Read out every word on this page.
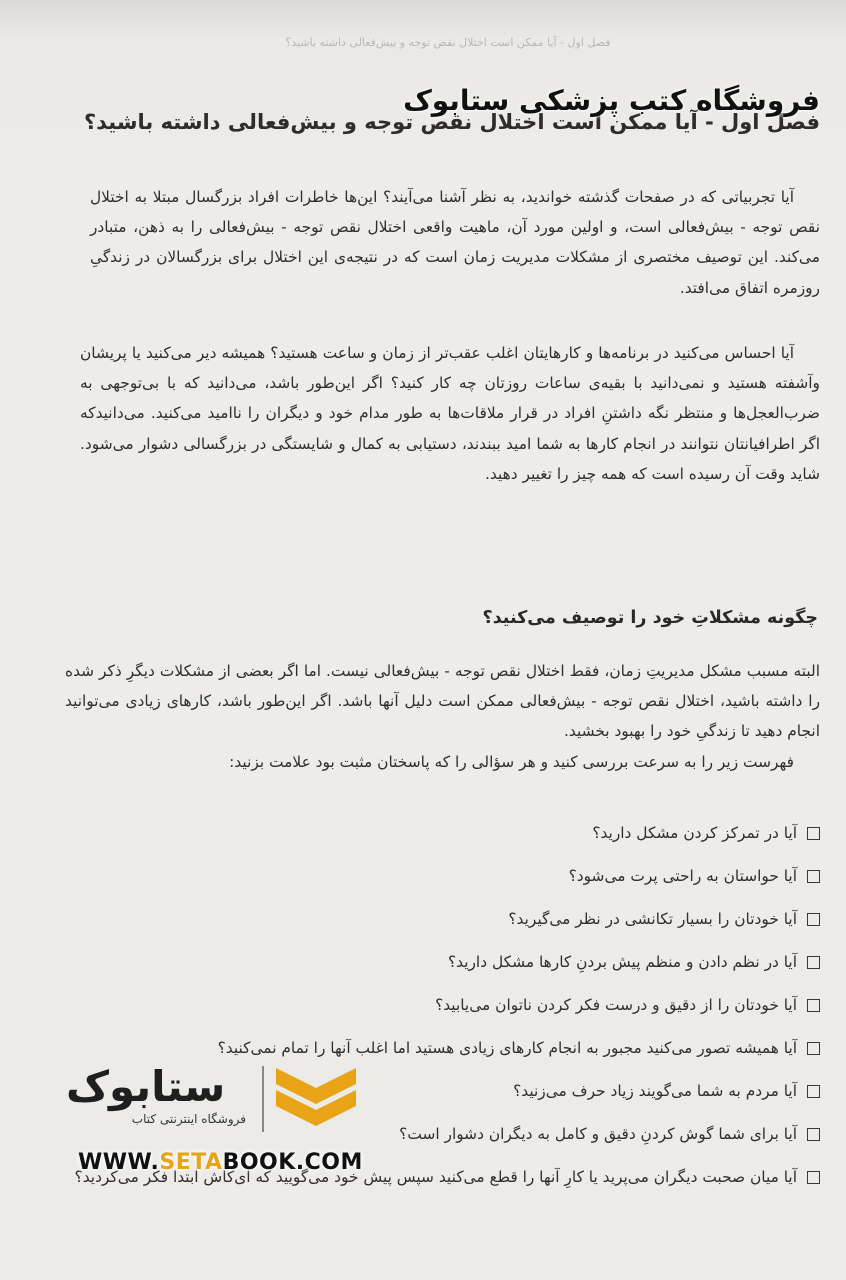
فصل اول - آیا ممکن است اختلال نقص توجه و بیش‌فعالی داشته باشید؟
فصل اول - آیا ممکن است اختلال نقص توجه و بیش‌فعالی داشته باشید؟
فروشگاه کتب پزشکی ستابوک
آیا تجربیاتی که در صفحات گذشته خواندید، به نظر آشنا می‌آیند؟ این‌ها خاطرات افراد بزرگسال مبتلا به اختلال نقص توجه - بیش‌فعالی است، و اولین مورد آن، ماهیت واقعی اختلال نقص توجه - بیش‌فعالی را به ذهن، متبادر می‌کند. این توصیف مختصری از مشکلات مدیریت زمان است که در نتیجه‌ی این اختلال برای بزرگسالان در زندگیِ روزمره اتفاق می‌افتد.
آیا احساس می‌کنید در برنامه‌ها و کارهایتان اغلب عقب‌تر از زمان و ساعت هستید؟ همیشه دیر می‌کنید یا پریشان وآشفته هستید و نمی‌دانید با بقیه‌ی ساعات روزتان چه کار کنید؟ اگر این‌طور باشد، می‌دانید که با بی‌توجهی به ضرب‌العجل‌ها و منتظر نگه داشتنِ افراد در قرار ملاقات‌ها به طور مدام خود و دیگران را ناامید می‌کنید. می‌دانیدکه اگر اطرافیانتان نتوانند در انجام کارها به شما امید ببندند، دستیابی به کمال و شایستگی در بزرگسالی دشوار می‌شود. شاید وقت آن رسیده است که همه چیز را تغییر دهید.
چگونه مشکلاتِ خود را توصیف می‌کنید؟
البته مسبب مشکل مدیریتِ زمان، فقط اختلال نقص توجه - بیش‌فعالی نیست. اما اگر بعضی از مشکلات دیگرِ ذکر شده را داشته باشید، اختلال نقص توجه - بیش‌فعالی ممکن است دلیل آنها باشد. اگر این‌طور باشد، کارهای زیادی می‌توانید انجام دهید تا زندگیِ خود را بهبود بخشید.
فهرست زیر را به سرعت بررسی کنید و هر سؤالی را که پاسختان مثبت بود علامت بزنید:
آیا در تمرکز کردن مشکل دارید؟
آیا حواستان به راحتی پرت می‌شود؟
آیا خودتان را بسیار تکانشی در نظر می‌گیرید؟
آیا در نظم دادن و منظم پیش بردنِ کارها مشکل دارید؟
آیا خودتان را از دقیق و درست فکر کردن ناتوان می‌یابید؟
آیا همیشه تصور می‌کنید مجبور به انجام کارهای زیادی هستید اما اغلب آنها را تمام نمی‌کنید؟
آیا مردم به شما می‌گویند زیاد حرف می‌زنید؟
آیا برای شما گوش کردنِ دقیق و کامل به دیگران دشوار است؟
آیا میان صحبت دیگران می‌پرید یا کارِ آنها را قطع می‌کنید سپس پیش خود می‌گویید که ای‌کاش ابتدا فکر می‌کردید؟
ستابوک
فروشگاه اینترنتی کتاب
WWW.SETABOOK.COM
